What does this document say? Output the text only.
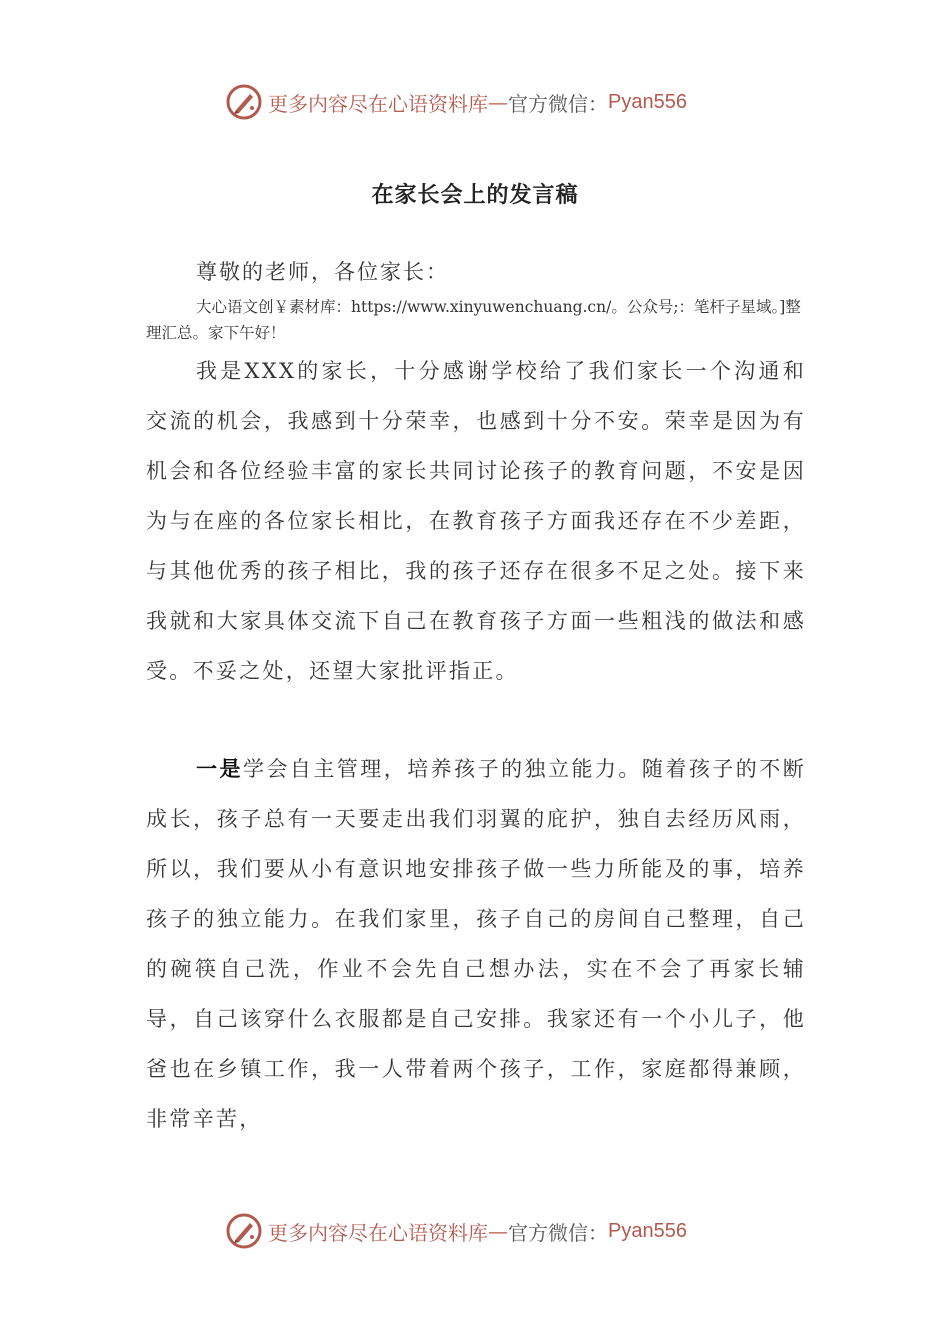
更多内容尽在心语资料库 — 官方微信： Pyan556
在家长会上的发言稿
尊敬的老师，各位家长：
大心语文创￥素材库：https://www.xinyuwenchuang.cn/。公众号;：笔杆子星域。]整理汇总。家下午好！
我是XXX的家长，十分感谢学校给了我们家长一个沟通和交流的机会，我感到十分荣幸，也感到十分不安。荣幸是因为有机会和各位经验丰富的家长共同讨论孩子的教育问题，不安是因为与在座的各位家长相比，在教育孩子方面我还存在不少差距，与其他优秀的孩子相比，我的孩子还存在很多不足之处。接下来我就和大家具体交流下自己在教育孩子方面一些粗浅的做法和感受。不妥之处，还望大家批评指正。
一是学会自主管理，培养孩子的独立能力。随着孩子的不断成长，孩子总有一天要走出我们羽翼的庇护，独自去经历风雨，所以，我们要从小有意识地安排孩子做一些力所能及的事，培养孩子的独立能力。在我们家里，孩子自己的房间自己整理，自己的碗筷自己洗，作业不会先自己想办法，实在不会了再家长辅导，自己该穿什么衣服都是自己安排。我家还有一个小儿子，他爸也在乡镇工作，我一人带着两个孩子，工作，家庭都得兼顾，非常辛苦，
更多内容尽在心语资料库 — 官方微信： Pyan556
